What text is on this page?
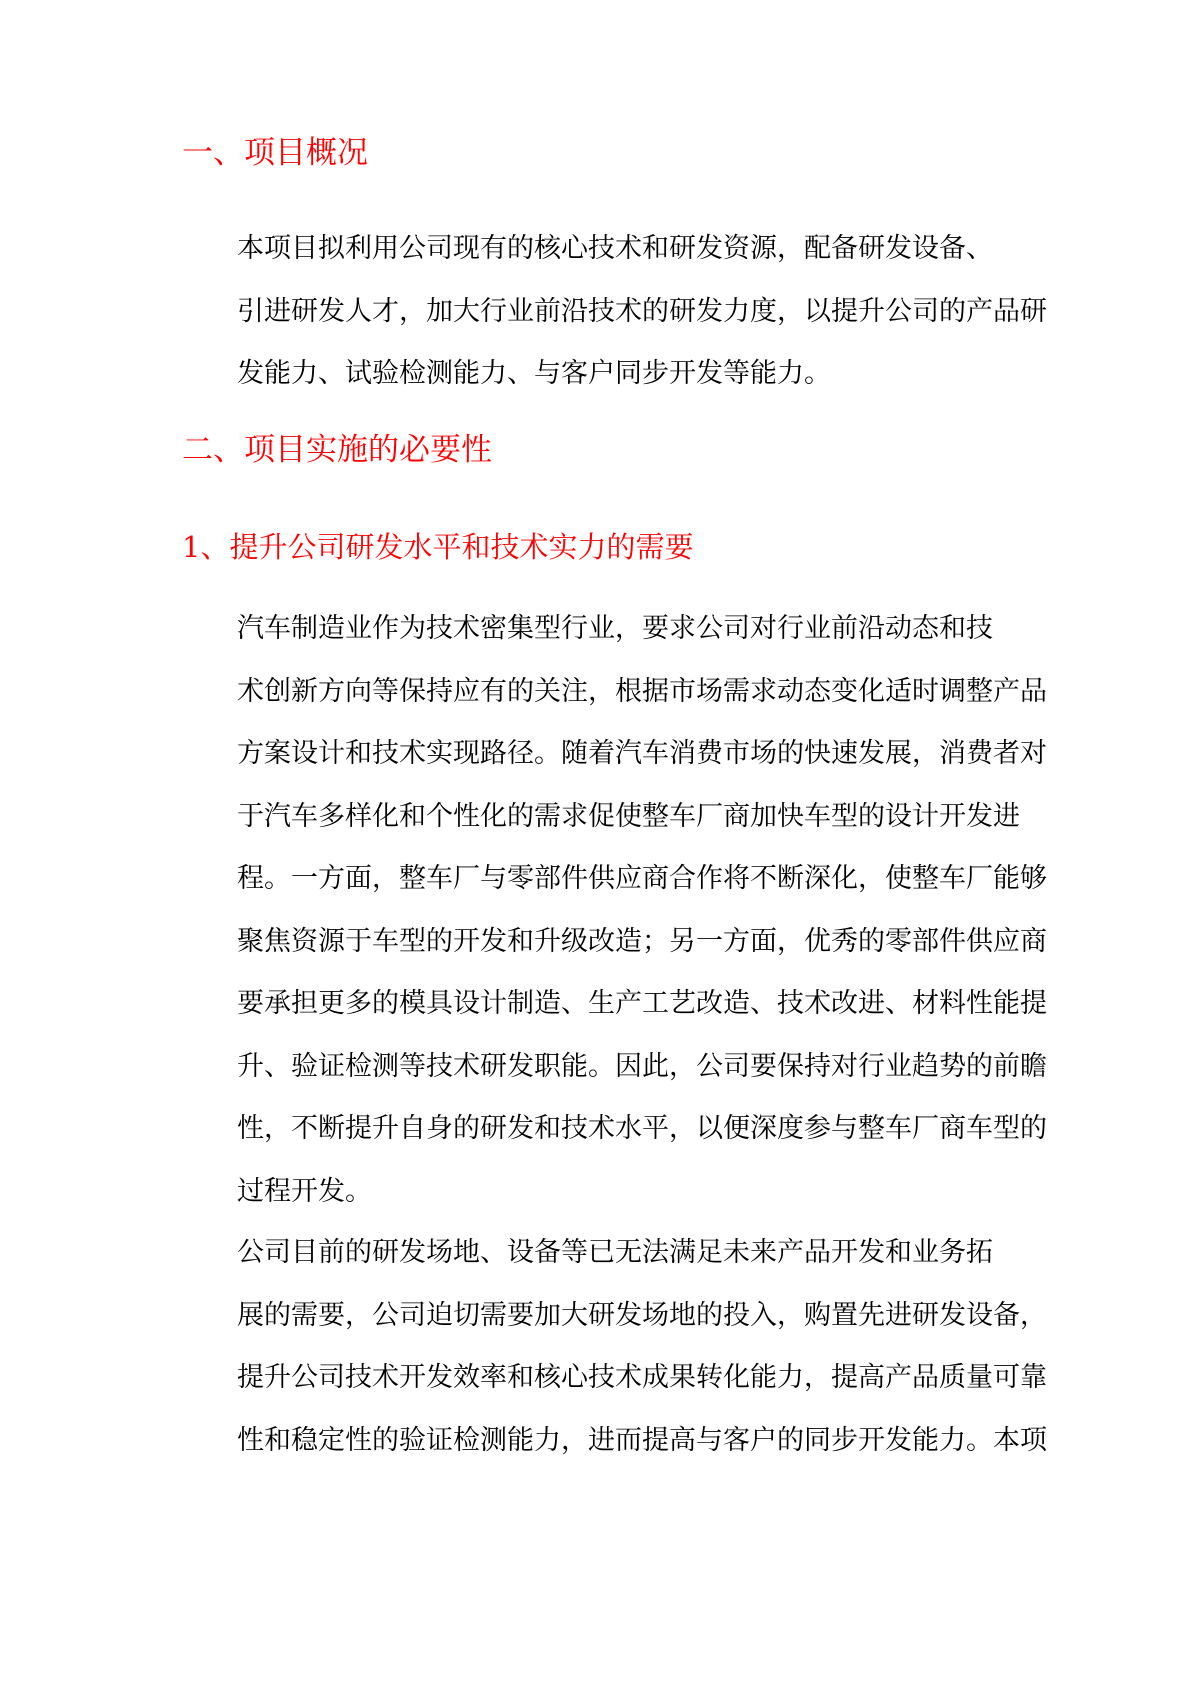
一、项目概况

本项目拟利用公司现有的核心技术和研发资源，配备研发设备、
引进研发人才，加大行业前沿技术的研发力度，以提升公司的产品研
发能力、试验检测能力、与客户同步开发等能力。

二、项目实施的必要性
1、提升公司研发水平和技术实力的需要

汽车制造业作为技术密集型行业，要求公司对行业前沿动态和技
术创新方向等保持应有的关注，根据市场需求动态变化适时调整产品
方案设计和技术实现路径。随着汽车消费市场的快速发展，消费者对
于汽车多样化和个性化的需求促使整车厂商加快车型的设计开发进
程。一方面，整车厂与零部件供应商合作将不断深化，使整车厂能够
聚焦资源于车型的开发和升级改造；另一方面，优秀的零部件供应商
要承担更多的模具设计制造、生产工艺改造、技术改进、材料性能提
升、验证检测等技术研发职能。因此，公司要保持对行业趋势的前瞻
性，不断提升自身的研发和技术水平，以便深度参与整车厂商车型的
过程开发。

公司目前的研发场地、设备等已无法满足未来产品开发和业务拓
展的需要，公司迫切需要加大研发场地的投入，购置先进研发设备，
提升公司技术开发效率和核心技术成果转化能力，提高产品质量可靠
性和稳定性的验证检测能力，进而提高与客户的同步开发能力。本项
